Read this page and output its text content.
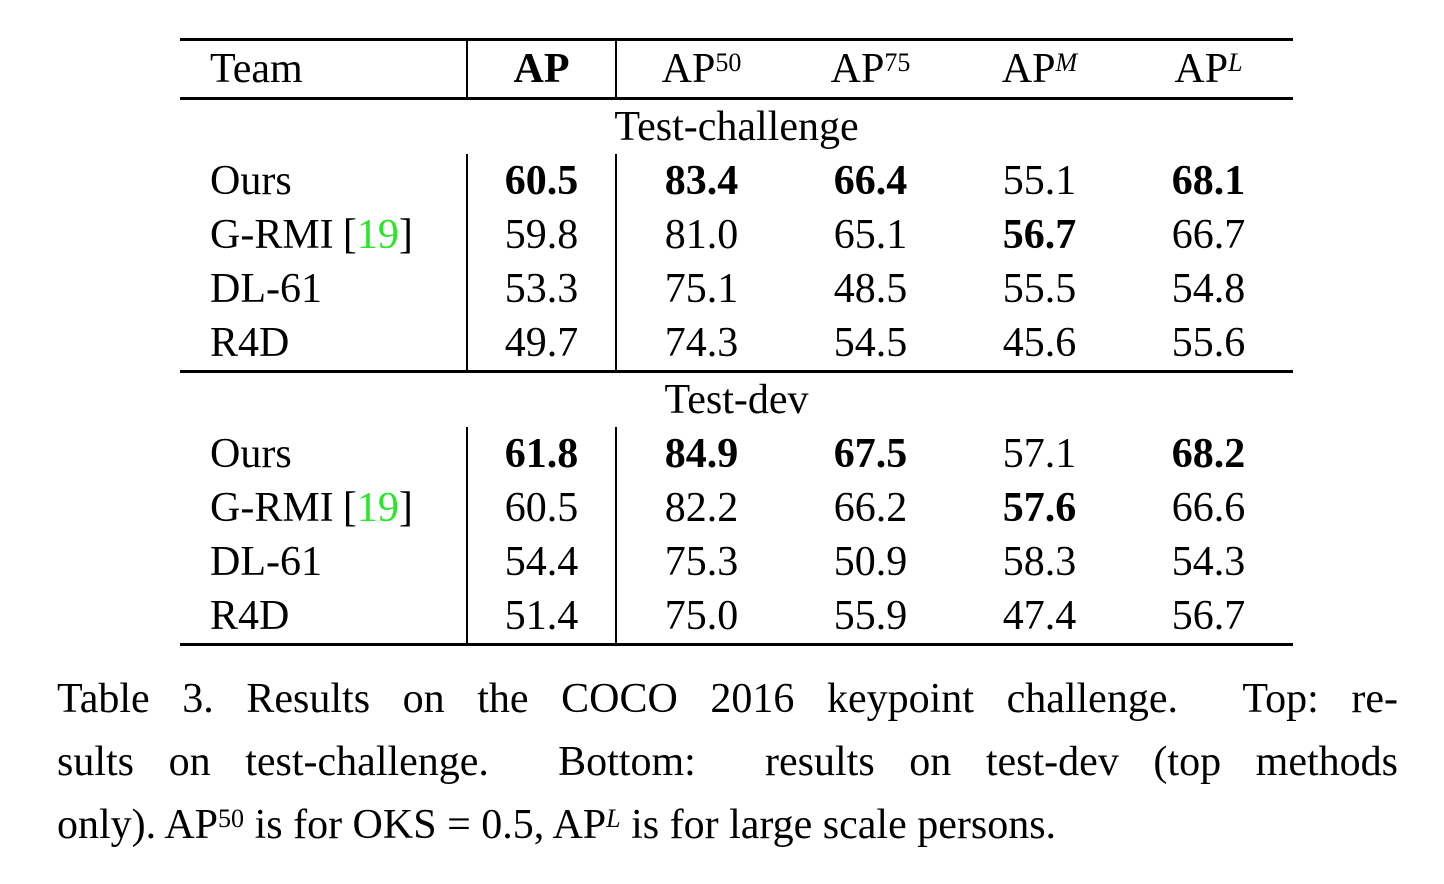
Team	AP AP$^{50}$ AP$^{75}$ $AP^M$ $AP^L$
Test-challenge
Ours	60.5 83.4 66.4 55.1 68.1
G-RMI [19] 59.8 81.0 65.1 56.7 66.7
DL-61	53.3 75.1 48.5 55.5 54.8
R4D	49.7 74.3 54.5 45.6 55.6
Test-dev
Ours	61.8 84.9 67.5 57.1 68.2
G-RMI [19] 60.5 82.2 66.2 57.6 66.6
DL-61	54.4 75.3 50.9 58.3 54.3
R4D	51.4 75.0 55.9 47.4 56.7
Table 3. Results on the COCO 2016 keypoint challenge.  Top: re-
sults on test-challenge.  Bottom:  results on test-dev (top methods
only). AP$^{50}$ is for OKS = 0.5, $AP^L$ is for large scale persons.
